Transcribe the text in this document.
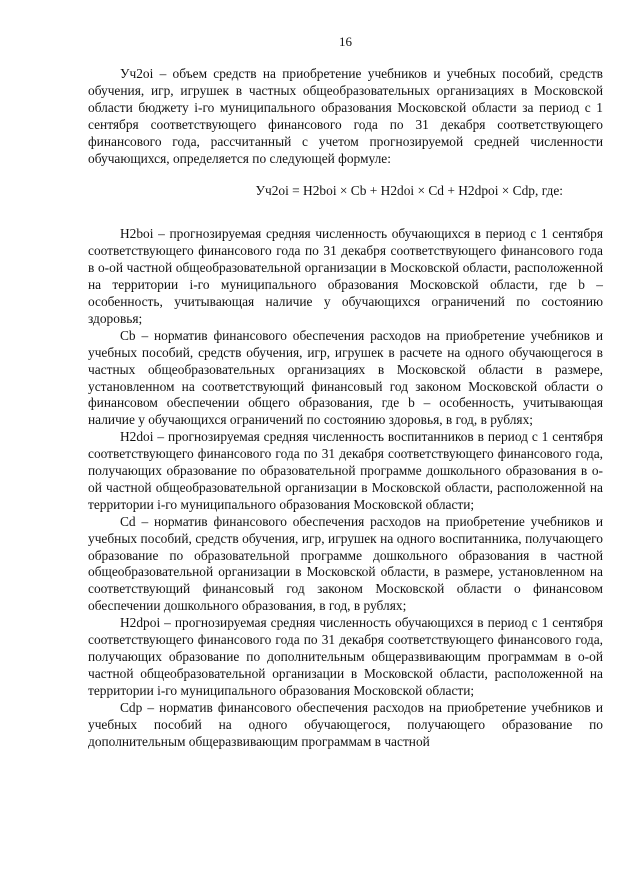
16

Уч2оі – объем средств на приобретение учебников и учебных пособий, средств обучения, игр, игрушек в частных общеобразовательных организациях в Московской области бюджету і-го муниципального образования Московской области за период с 1 сентября соответствующего финансового года по 31 декабря соответствующего финансового года, рассчитанный с учетом прогнозируемой средней численности обучающихся, определяется по следующей формуле:

Уч2оі = Н2bоі × Сb + Н2dоі × Сd + Н2dpоі × Сdp, где:

Н2bоі – прогнозируемая средняя численность обучающихся в период с 1 сентября соответствующего финансового года по 31 декабря соответствующего финансового года в о-ой частной общеобразовательной организации в Московской области, расположенной на территории і-го муниципального образования Московской области, где b – особенность, учитывающая наличие у обучающихся ограничений по состоянию здоровья;

Сb – норматив финансового обеспечения расходов на приобретение учебников и учебных пособий, средств обучения, игр, игрушек в расчете на одного обучающегося в частных общеобразовательных организациях в Московской области в размере, установленном на соответствующий финансовый год законом Московской области о финансовом обеспечении общего образования, где b – особенность, учитывающая наличие у обучающихся ограничений по состоянию здоровья, в год, в рублях;

Н2dоі – прогнозируемая средняя численность воспитанников в период с 1 сентября соответствующего финансового года по 31 декабря соответствующего финансового года, получающих образование по образовательной программе дошкольного образования в о-ой частной общеобразовательной организации в Московской области, расположенной на территории і-го муниципального образования Московской области;

Сd – норматив финансового обеспечения расходов на приобретение учебников и учебных пособий, средств обучения, игр, игрушек на одного воспитанника, получающего образование по образовательной программе дошкольного образования в частной общеобразовательной организации в Московской области, в размере, установленном на соответствующий финансовый год законом Московской области о финансовом обеспечении дошкольного образования, в год, в рублях;

Н2dpоі – прогнозируемая средняя численность обучающихся в период с 1 сентября соответствующего финансового года по 31 декабря соответствующего финансового года, получающих образование по дополнительным общеразвивающим программам в о-ой частной общеобразовательной организации в Московской области, расположенной на территории і-го муниципального образования Московской области;

Сdp – норматив финансового обеспечения расходов на приобретение учебников и учебных пособий на одного обучающегося, получающего образование по дополнительным общеразвивающим программам в частной
